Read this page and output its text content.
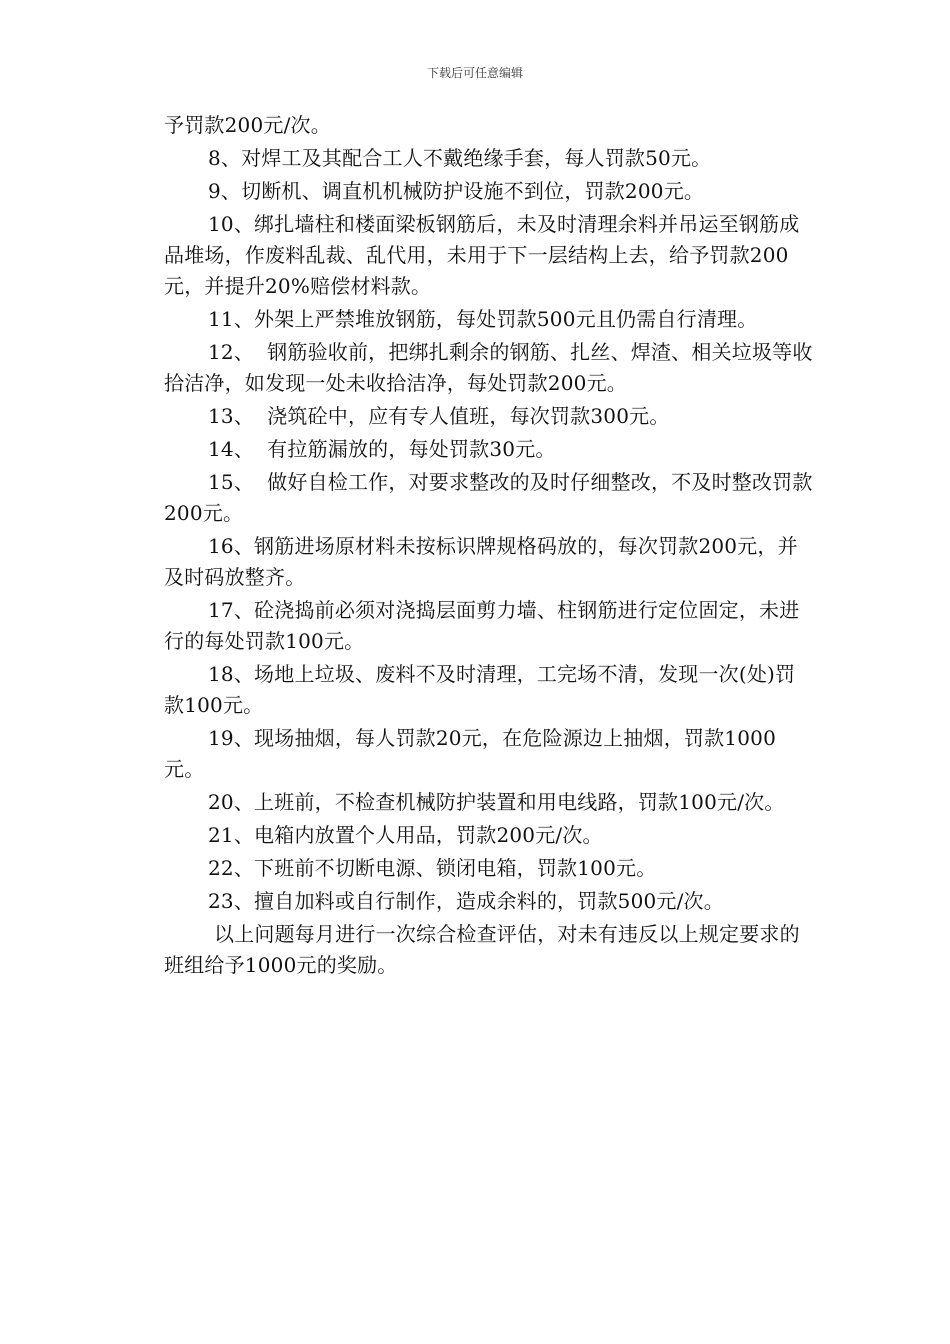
下载后可任意编辑

予罚款200元/次。

8、对焊工及其配合工人不戴绝缘手套，每人罚款50元。

9、切断机、调直机机械防护设施不到位，罚款200元。

10、绑扎墙柱和楼面梁板钢筋后，未及时清理余料并吊运至钢筋成品堆场，作废料乱裁、乱代用，未用于下一层结构上去，给予罚款200元，并提升20%赔偿材料款。

11、外架上严禁堆放钢筋，每处罚款500元且仍需自行清理。

12、  钢筋验收前，把绑扎剩余的钢筋、扎丝、焊渣、相关垃圾等收拾洁净，如发现一处未收拾洁净，每处罚款200元。

13、  浇筑砼中，应有专人值班，每次罚款300元。

14、  有拉筋漏放的，每处罚款30元。

15、  做好自检工作，对要求整改的及时仔细整改，不及时整改罚款200元。

16、钢筋进场原材料未按标识牌规格码放的，每次罚款200元，并及时码放整齐。

17、砼浇捣前必须对浇捣层面剪力墙、柱钢筋进行定位固定，未进行的每处罚款100元。

18、场地上垃圾、废料不及时清理，工完场不清，发现一次(处)罚款100元。

19、现场抽烟，每人罚款20元，在危险源边上抽烟，罚款1000元。

20、上班前，不检查机械防护装置和用电线路，罚款100元/次。

21、电箱内放置个人用品，罚款200元/次。

22、下班前不切断电源、锁闭电箱，罚款100元。

23、擅自加料或自行制作，造成余料的，罚款500元/次。

以上问题每月进行一次综合检查评估，对未有违反以上规定要求的班组给予1000元的奖励。
